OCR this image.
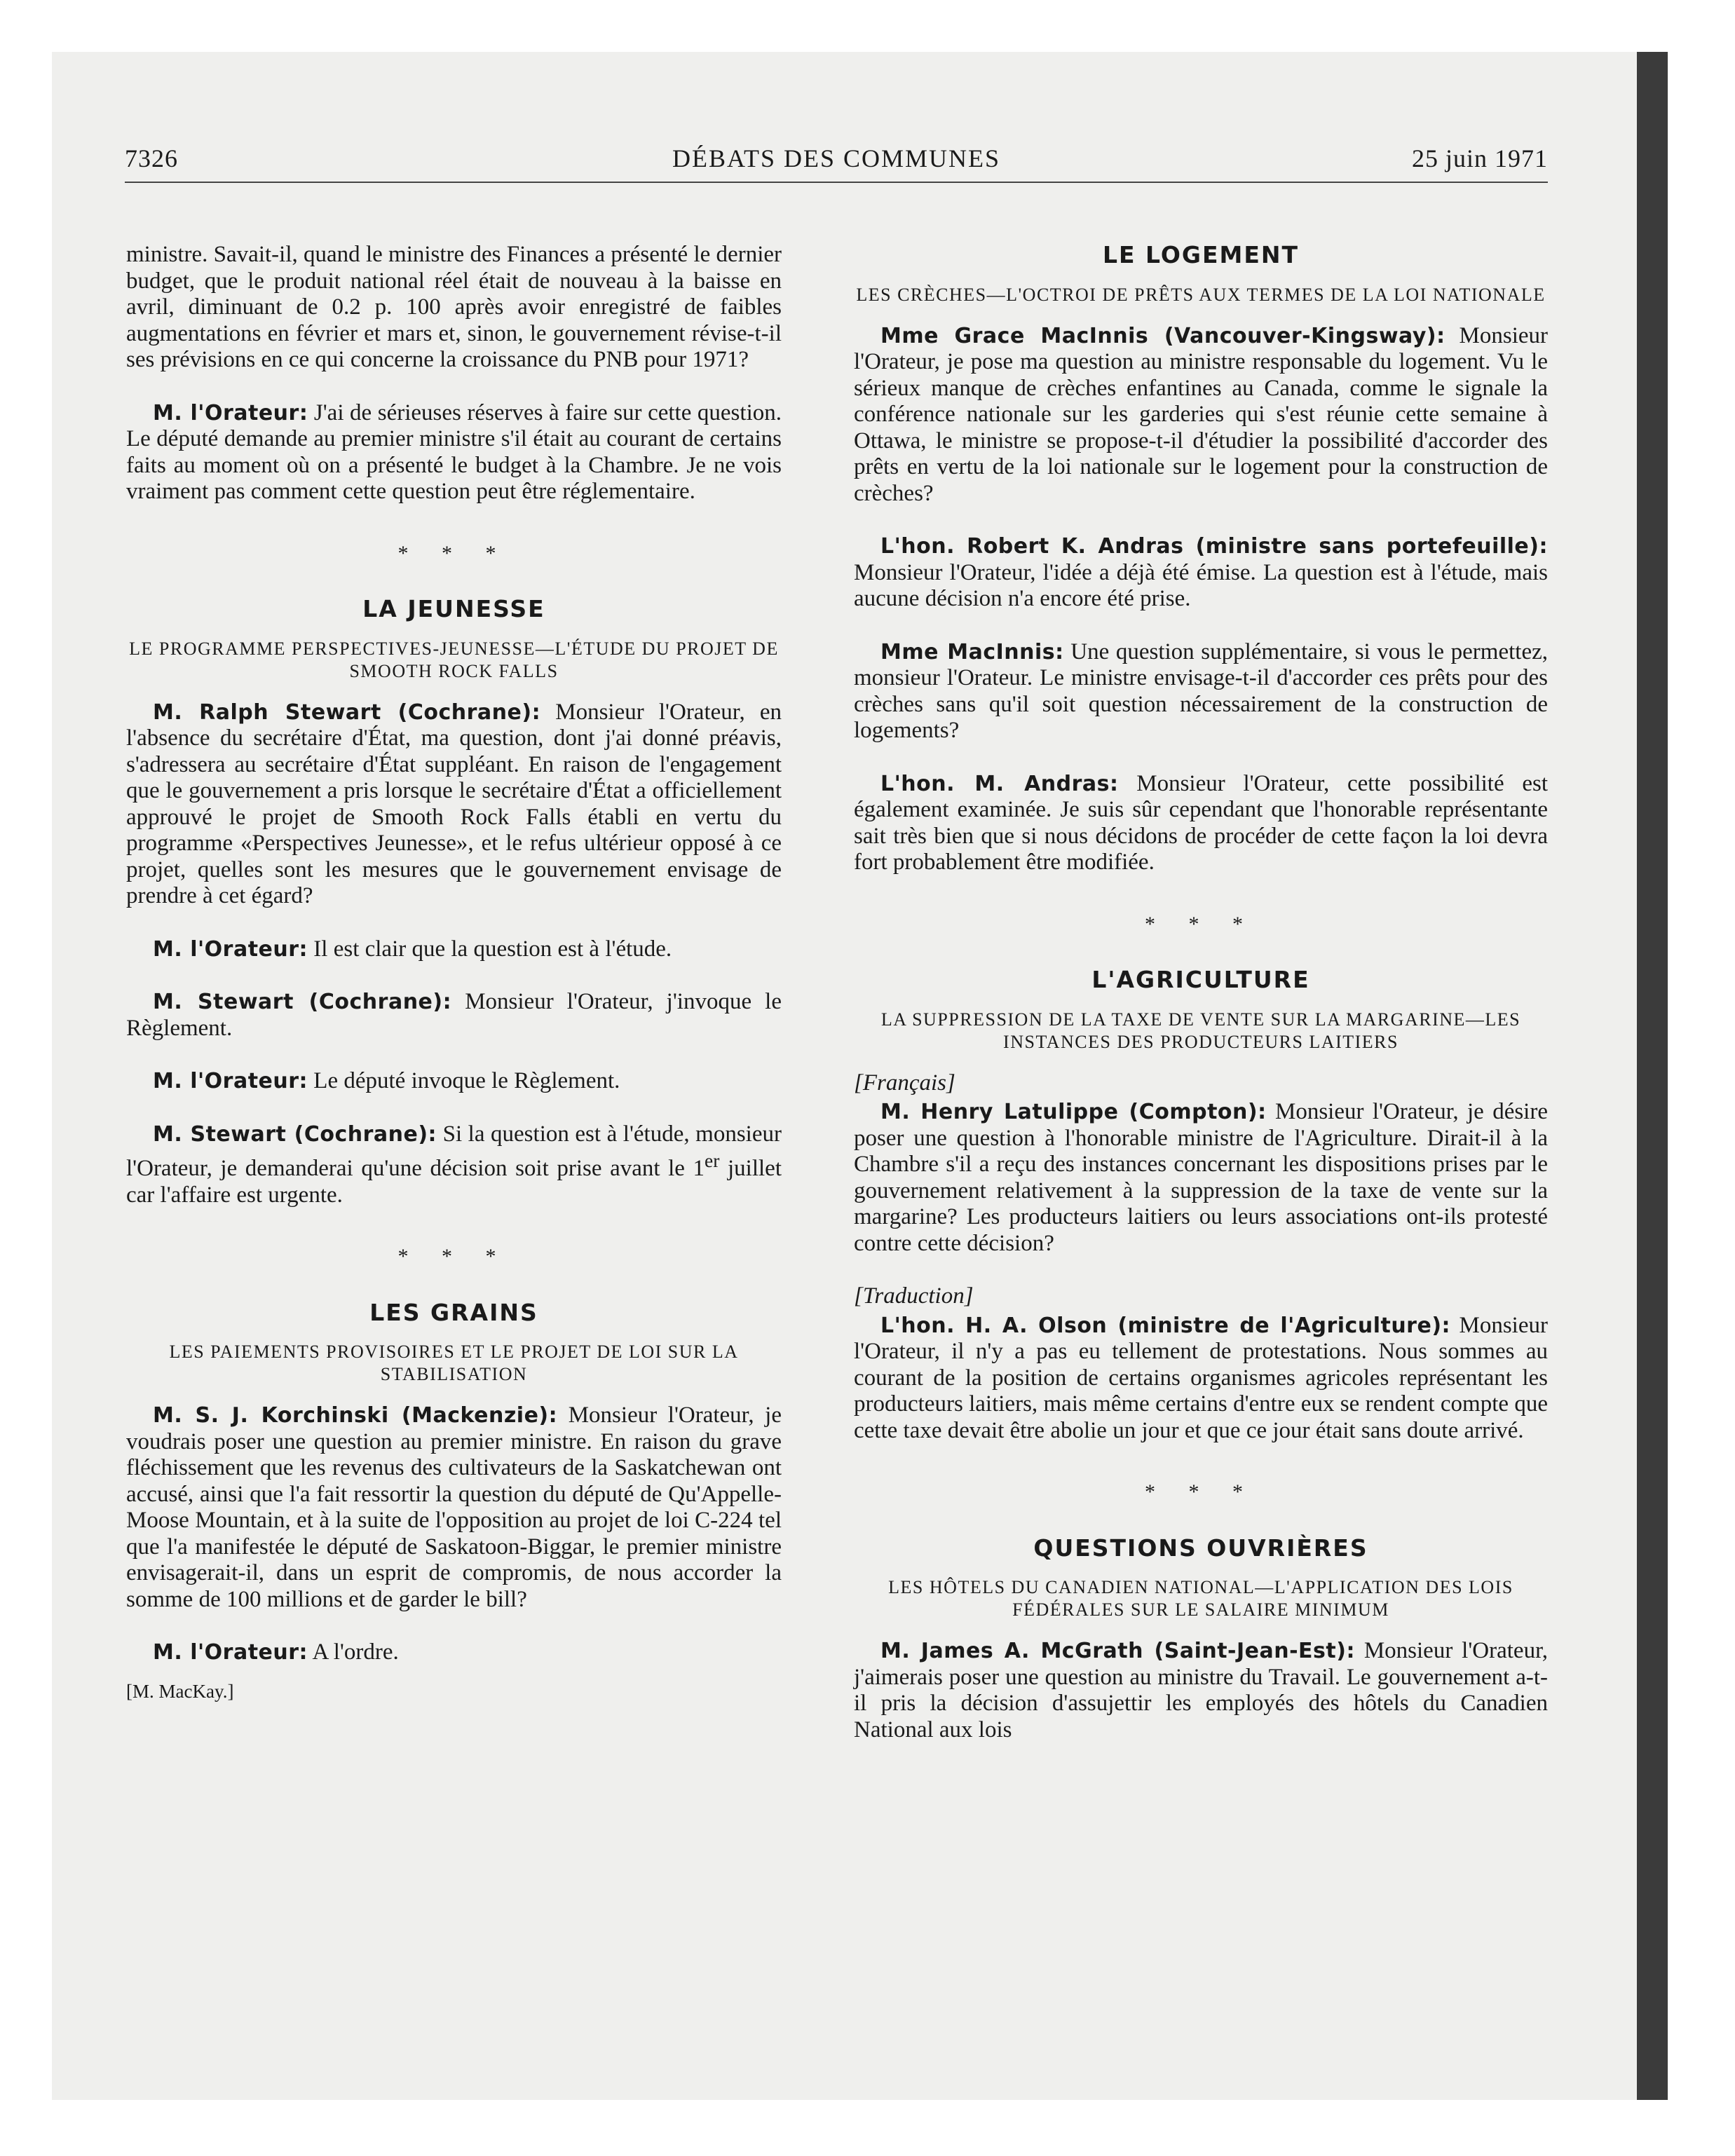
7326	DÉBATS DES COMMUNES	25 juin 1971

ministre. Savait-il, quand le ministre des Finances a présenté le dernier budget, que le produit national réel était de nouveau à la baisse en avril, diminuant de 0.2 p. 100 après avoir enregistré de faibles augmentations en février et mars et, sinon, le gouvernement révise-t-il ses prévisions en ce qui concerne la croissance du PNB pour 1971?

M. l'Orateur: J'ai de sérieuses réserves à faire sur cette question. Le député demande au premier ministre s'il était au courant de certains faits au moment où on a présenté le budget à la Chambre. Je ne vois vraiment pas comment cette question peut être réglementaire.

* * *
LA JEUNESSE
LE PROGRAMME PERSPECTIVES-JEUNESSE—L'ÉTUDE DU PROJET DE SMOOTH ROCK FALLS

M. Ralph Stewart (Cochrane): Monsieur l'Orateur, en l'absence du secrétaire d'État, ma question, dont j'ai donné préavis, s'adressera au secrétaire d'État suppléant. En raison de l'engagement que le gouvernement a pris lorsque le secrétaire d'État a officiellement approuvé le projet de Smooth Rock Falls établi en vertu du programme «Perspectives Jeunesse», et le refus ultérieur opposé à ce projet, quelles sont les mesures que le gouvernement envisage de prendre à cet égard?

M. l'Orateur: Il est clair que la question est à l'étude.

M. Stewart (Cochrane): Monsieur l'Orateur, j'invoque le Règlement.

M. l'Orateur: Le député invoque le Règlement.

M. Stewart (Cochrane): Si la question est à l'étude, monsieur l'Orateur, je demanderai qu'une décision soit prise avant le 1er juillet car l'affaire est urgente.

* * *
LES GRAINS
LES PAIEMENTS PROVISOIRES ET LE PROJET DE LOI SUR LA STABILISATION

M. S. J. Korchinski (Mackenzie): Monsieur l'Orateur, je voudrais poser une question au premier ministre. En raison du grave fléchissement que les revenus des cultivateurs de la Saskatchewan ont accusé, ainsi que l'a fait ressortir la question du député de Qu'Appelle-Moose Mountain, et à la suite de l'opposition au projet de loi C-224 tel que l'a manifestée le député de Saskatoon-Biggar, le premier ministre envisagerait-il, dans un esprit de compromis, de nous accorder la somme de 100 millions et de garder le bill?

M. l'Orateur: A l'ordre.

[M. MacKay.]
LE LOGEMENT
LES CRÈCHES—L'OCTROI DE PRÊTS AUX TERMES DE LA LOI NATIONALE

Mme Grace MacInnis (Vancouver-Kingsway): Monsieur l'Orateur, je pose ma question au ministre responsable du logement. Vu le sérieux manque de crèches enfantines au Canada, comme le signale la conférence nationale sur les garderies qui s'est réunie cette semaine à Ottawa, le ministre se propose-t-il d'étudier la possibilité d'accorder des prêts en vertu de la loi nationale sur le logement pour la construction de crèches?

L'hon. Robert K. Andras (ministre sans portefeuille): Monsieur l'Orateur, l'idée a déjà été émise. La question est à l'étude, mais aucune décision n'a encore été prise.

Mme MacInnis: Une question supplémentaire, si vous le permettez, monsieur l'Orateur. Le ministre envisage-t-il d'accorder ces prêts pour des crèches sans qu'il soit question nécessairement de la construction de logements?

L'hon. M. Andras: Monsieur l'Orateur, cette possibilité est également examinée. Je suis sûr cependant que l'honorable représentante sait très bien que si nous décidons de procéder de cette façon la loi devra fort probablement être modifiée.

* * *
L'AGRICULTURE
LA SUPPRESSION DE LA TAXE DE VENTE SUR LA MARGARINE—LES INSTANCES DES PRODUCTEURS LAITIERS
[Français]

M. Henry Latulippe (Compton): Monsieur l'Orateur, je désire poser une question à l'honorable ministre de l'Agriculture. Dirait-il à la Chambre s'il a reçu des instances concernant les dispositions prises par le gouvernement relativement à la suppression de la taxe de vente sur la margarine? Les producteurs laitiers ou leurs associations ont-ils protesté contre cette décision?

[Traduction]

L'hon. H. A. Olson (ministre de l'Agriculture): Monsieur l'Orateur, il n'y a pas eu tellement de protestations. Nous sommes au courant de la position de certains organismes agricoles représentant les producteurs laitiers, mais même certains d'entre eux se rendent compte que cette taxe devait être abolie un jour et que ce jour était sans doute arrivé.

* * *
QUESTIONS OUVRIÈRES
LES HÔTELS DU CANADIEN NATIONAL—L'APPLICATION DES LOIS FÉDÉRALES SUR LE SALAIRE MINIMUM

M. James A. McGrath (Saint-Jean-Est): Monsieur l'Orateur, j'aimerais poser une question au ministre du Travail. Le gouvernement a-t-il pris la décision d'assujettir les employés des hôtels du Canadien National aux lois
